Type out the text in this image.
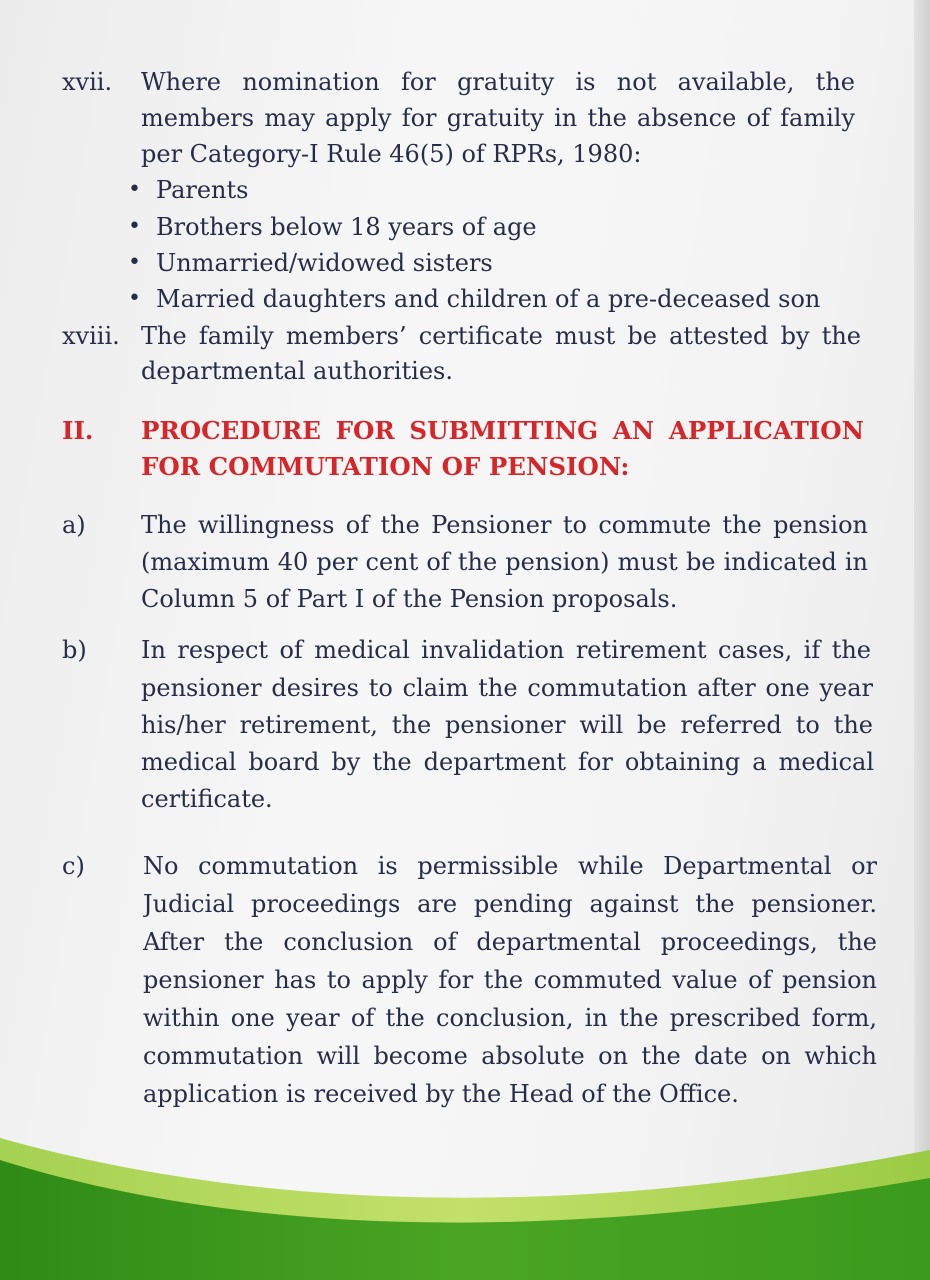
xvii. Where nomination for gratuity is not available, the
members may apply for gratuity in the absence of family
per Category-I Rule 46(5) of RPRs, 1980:
• Parents
• Brothers below 18 years of age
• Unmarried/widowed sisters
• Married daughters and children of a pre-deceased son
xviii. The family members’ certificate must be attested by the
departmental authorities.
II. PROCEDURE FOR SUBMITTING AN APPLICATION
FOR COMMUTATION OF PENSION:
a) The willingness of the Pensioner to commute the pension
(maximum 40 per cent of the pension) must be indicated in
Column 5 of Part I of the Pension proposals.
b) In respect of medical invalidation retirement cases, if the
pensioner desires to claim the commutation after one year
his/her retirement, the pensioner will be referred to the
medical board by the department for obtaining a medical
certificate.
c) No commutation is permissible while Departmental or
Judicial proceedings are pending against the pensioner.
After the conclusion of departmental proceedings, the
pensioner has to apply for the commuted value of pension
within one year of the conclusion, in the prescribed form,
commutation will become absolute on the date on which
application is received by the Head of the Office.
